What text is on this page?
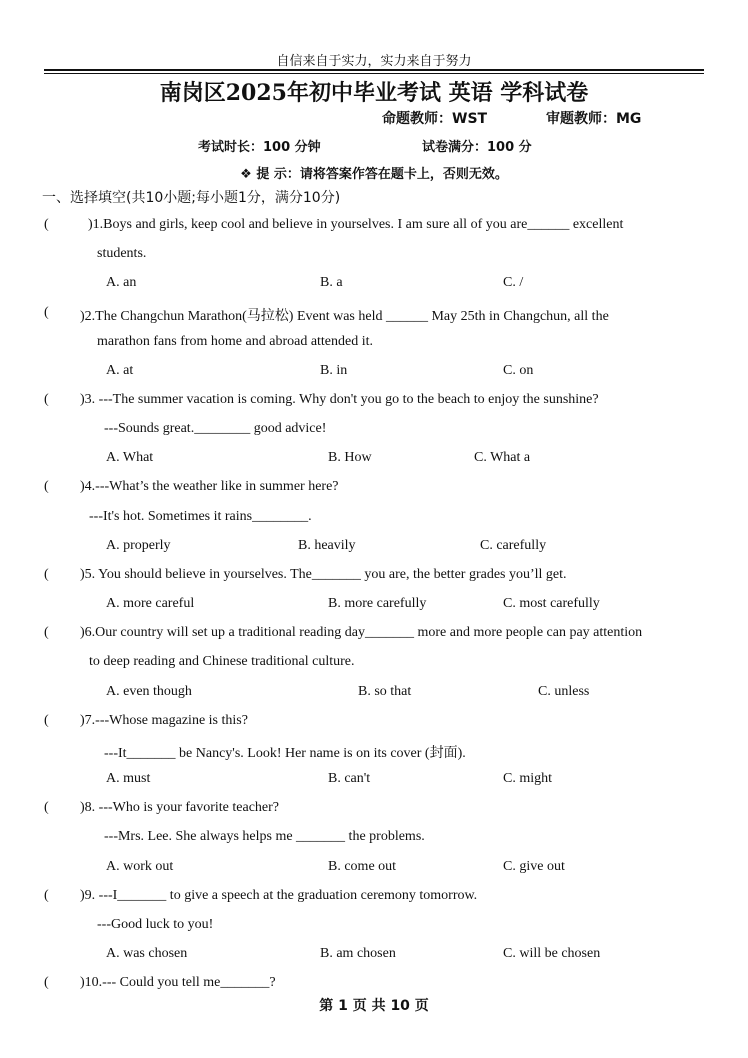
自信来自于实力，实力来自于努力
南岗区2025年初中毕业考试 英语 学科试卷
命题教师：WST	审题教师：MG
考试时长：100 分钟	试卷满分：100 分
❖ 提 示：请将答案作答在题卡上，否则无效。
一、选择填空(共10小题;每小题1分，满分10分)
(	)1.Boys and girls, keep cool and believe in yourselves. I am sure all of you are______ excellent
students.
A. an	B. a	C. /
( )2.The Changchun Marathon(马拉松) Event was held ______ May 25th in Changchun, all the
marathon fans from home and abroad attended it.
A. at	B. in	C. on
( )3. ---The summer vacation is coming. Why don't you go to the beach to enjoy the sunshine?
---Sounds great.________ good advice!
A. What	B. How	C. What a
( )4.---What’s the weather like in summer here?
---It's hot. Sometimes it rains________.
A. properly	B. heavily	C. carefully
( )5. You should believe in yourselves. The_______ you are, the better grades you’ll get.
A. more careful	B. more carefully	C. most carefully
( )6.Our country will set up a traditional reading day_______ more and more people can pay attention
to deep reading and Chinese traditional culture.
A. even though	B. so that	C. unless
( )7.---Whose magazine is this?
---It_______ be Nancy's. Look! Her name is on its cover (封面).
A. must	B. can't	C. might
( )8. ---Who is your favorite teacher?
---Mrs. Lee. She always helps me _______ the problems.
A. work out	B. come out	C. give out
( )9. ---I_______ to give a speech at the graduation ceremony tomorrow.
---Good luck to you!
A. was chosen	B. am chosen	C. will be chosen
( )10.--- Could you tell me_______?
第 1 页 共 10 页
